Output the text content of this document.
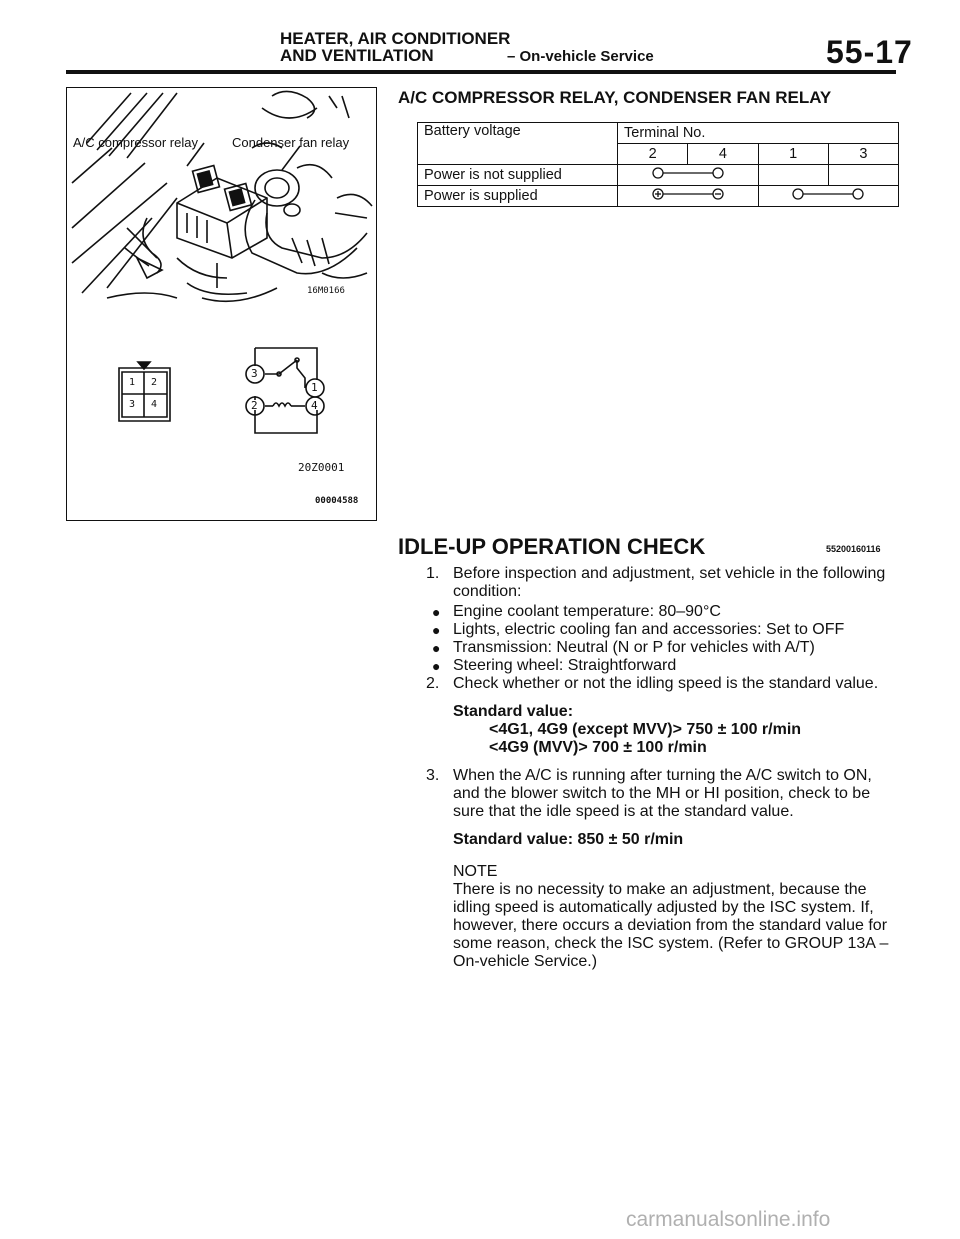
HEATER, AIR CONDITIONER
AND VENTILATION	– On-vehicle Service	55-17
A/C compressor relay	Condenser fan relay
16M0166
1 2
3 4
3
1
2	4
20Z0001
00004588
A/C COMPRESSOR RELAY, CONDENSER FAN RELAY
Battery voltage	Terminal No.			
	2	4	1	3
Power is not supplied			
Power is supplied		
IDLE-UP OPERATION CHECK	55200160116
1. Before inspection and adjustment, set vehicle in the following condition:
● Engine coolant temperature: 80–90°C
● Lights, electric cooling fan and accessories: Set to OFF
● Transmission: Neutral (N or P for vehicles with A/T)
● Steering wheel: Straightforward
2. Check whether or not the idling speed is the standard value.
Standard value:
<4G1, 4G9 (except MVV)> 750 ± 100 r/min
<4G9 (MVV)> 700 ± 100 r/min
3. When the A/C is running after turning the A/C switch to ON, and the blower switch to the MH or HI position, check to be sure that the idle speed is at the standard value.
Standard value: 850 ± 50 r/min
NOTE
There is no necessity to make an adjustment, because the idling speed is automatically adjusted by the ISC system. If, however, there occurs a deviation from the standard value for some reason, check the ISC system. (Refer to GROUP 13A – On-vehicle Service.)
carmanualsonline.info
